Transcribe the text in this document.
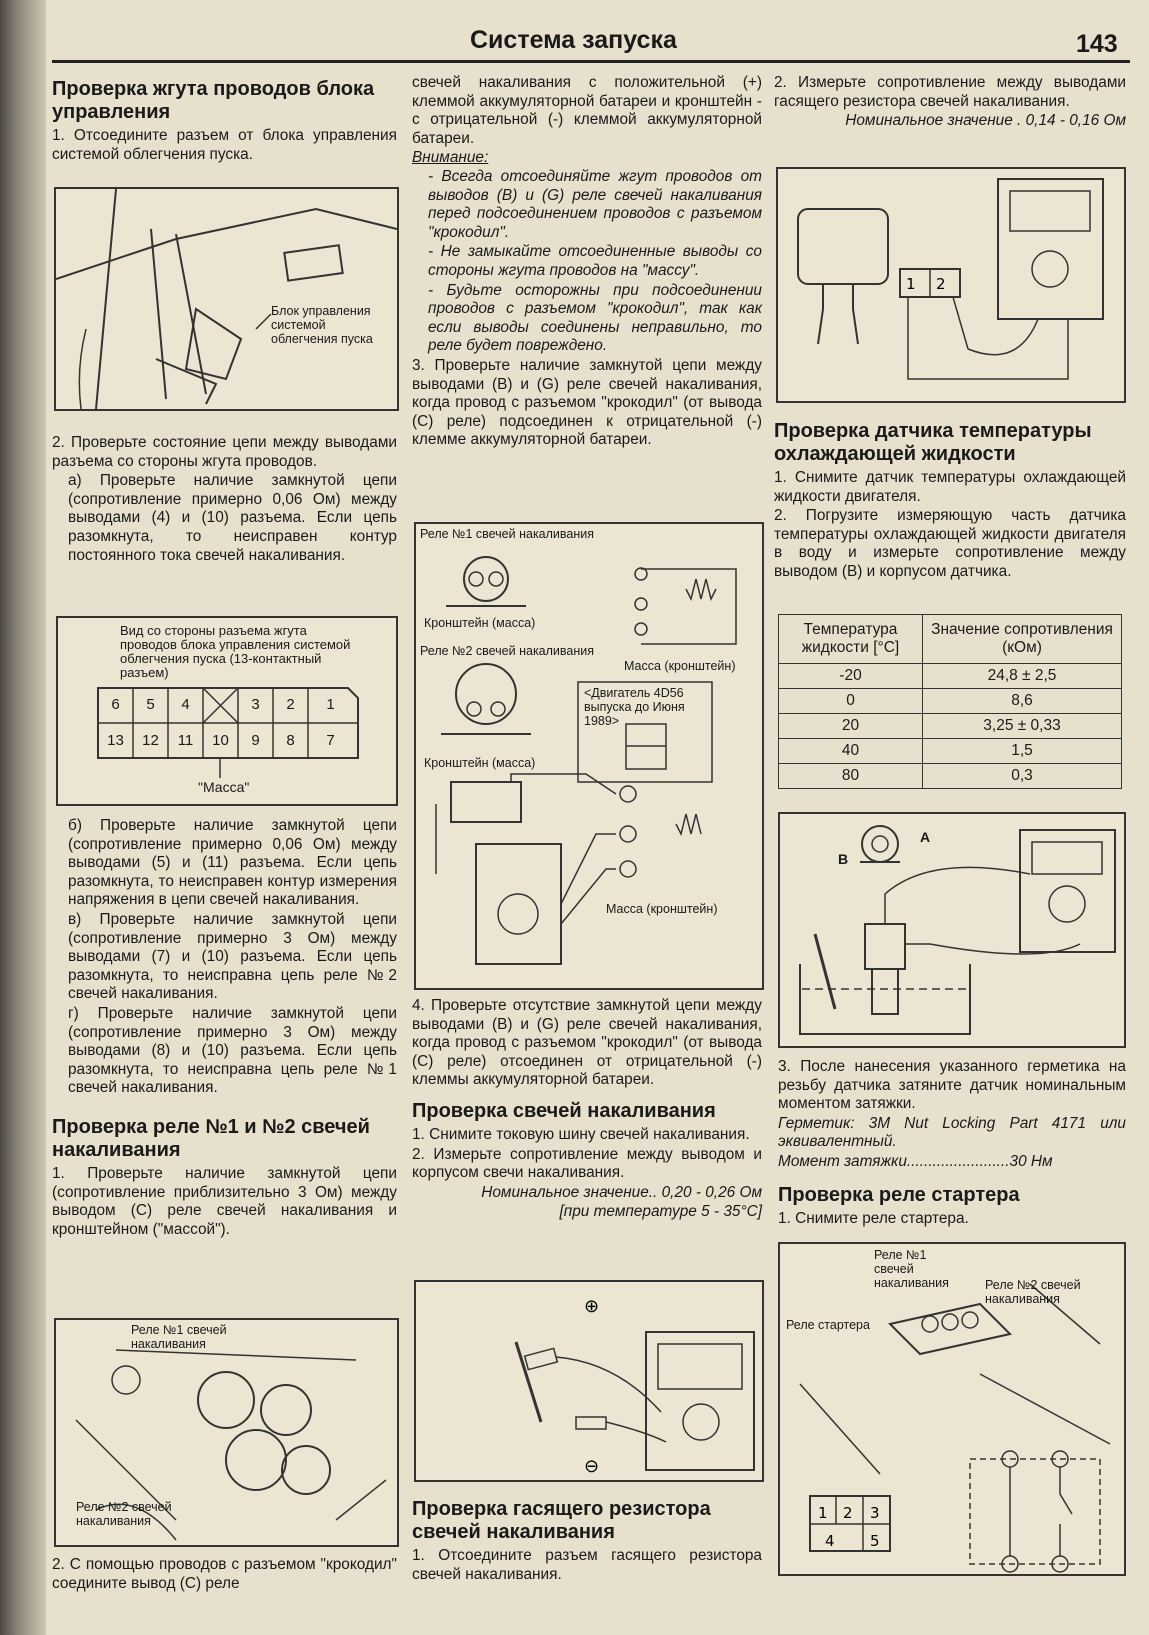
Система запуска	143
Проверка жгута проводов блока управления

1. Отсоедините разъем от блока управления системой облегчения пуска.

Блок управления системой облегчения пуска

2. Проверьте состояние цепи между выводами разъема со стороны жгута проводов.

а) Проверьте наличие замкнутой цепи (сопротивление примерно 0,06 Ом) между выводами (4) и (10) разъема. Если цепь разомкнута, то неисправен контур постоянного тока свечей накаливания.

Вид со стороны разъема жгута проводов блока управления системой облегчения пуска (13-контактный разъем)
6	5	4	3	2	1
13	12	11	10	9	8	7
"Масса"

б) Проверьте наличие замкнутой цепи (сопротивление примерно 0,06 Ом) между выводами (5) и (11) разъема. Если цепь разомкнута, то неисправен контур измерения напряжения в цепи свечей накаливания.

в) Проверьте наличие замкнутой цепи (сопротивление примерно 3 Ом) между выводами (7) и (10) разъема. Если цепь разомкнута, то неисправна цепь реле №2 свечей накаливания.

г) Проверьте наличие замкнутой цепи (сопротивление примерно 3 Ом) между выводами (8) и (10) разъема. Если цепь разомкнута, то неисправна цепь реле №1 свечей накаливания.

Проверка реле №1 и №2 свечей накаливания

1. Проверьте наличие замкнутой цепи (сопротивление приблизительно 3 Ом) между выводом (С) реле свечей накаливания и кронштейном ("массой").

Реле №1 свечей накаливания
Реле №2 свечей накаливания

2. С помощью проводов с разъемом "крокодил" соедините вывод (С) реле

свечей накаливания с положительной (+) клеммой аккумуляторной батареи и кронштейн - с отрицательной (-) клеммой аккумуляторной батареи.

Внимание:

- Всегда отсоединяйте жгут проводов от выводов (В) и (G) реле свечей накаливания перед подсоединением проводов с разъемом "крокодил".

- Не замыкайте отсоединенные выводы со стороны жгута проводов на "массу".

- Будьте осторожны при подсоединении проводов с разъемом "крокодил", так как если выводы соединены неправильно, то реле будет повреждено.

3. Проверьте наличие замкнутой цепи между выводами (В) и (G) реле свечей накаливания, когда провод с разъемом "крокодил" (от вывода (С) реле) подсоединен к отрицательной (-) клемме аккумуляторной батареи.

Реле №1 свечей накаливания
Кронштейн (масса)
Реле №2 свечей накаливания
Масса (кронштейн)
<Двигатель 4D56 выпуска до Июня 1989>
Кронштейн (масса)
Масса (кронштейн)

4. Проверьте отсутствие замкнутой цепи между выводами (В) и (G) реле свечей накаливания, когда провод с разъемом "крокодил" (от вывода (С) реле) отсоединен от отрицательной (-) клеммы аккумуляторной батареи.

Проверка свечей накаливания

1. Снимите токовую шину свечей накаливания.

2. Измерьте сопротивление между выводом и корпусом свечи накаливания.

Номинальное значение.. 0,20 - 0,26 Ом

[при температуре 5 - 35°C]

⊕
⊖
Проверка гасящего резистора свечей накаливания

1. Отсоедините разъем гасящего резистора свечей накаливания.

2. Измерьте сопротивление между выводами гасящего резистора свечей накаливания.

Номинальное значение . 0,14 - 0,16 Ом

1 2
Проверка датчика температуры охлаждающей жидкости

1. Снимите датчик температуры охлаждающей жидкости двигателя.

2. Погрузите измеряющую часть датчика температуры охлаждающей жидкости двигателя в воду и измерьте сопротивление между выводом (В) и корпусом датчика.

Температура жидкости [°C]	Значение сопротивления (кОм)
-20	24,8 ± 2,5
0	8,6
20	3,25 ± 0,33
40	1,5
80	0,3
A
B

3. После нанесения указанного герметика на резьбу датчика затяните датчик номинальным моментом затяжки.

Герметик: 3M Nut Locking Part 4171 или эквивалентный.

Момент затяжки........................30 Нм

Проверка реле стартера

1. Снимите реле стартера.

1 2 3
4 5
Реле №1 свечей накаливания	Реле №2 свечей накаливания
Реле стартера
